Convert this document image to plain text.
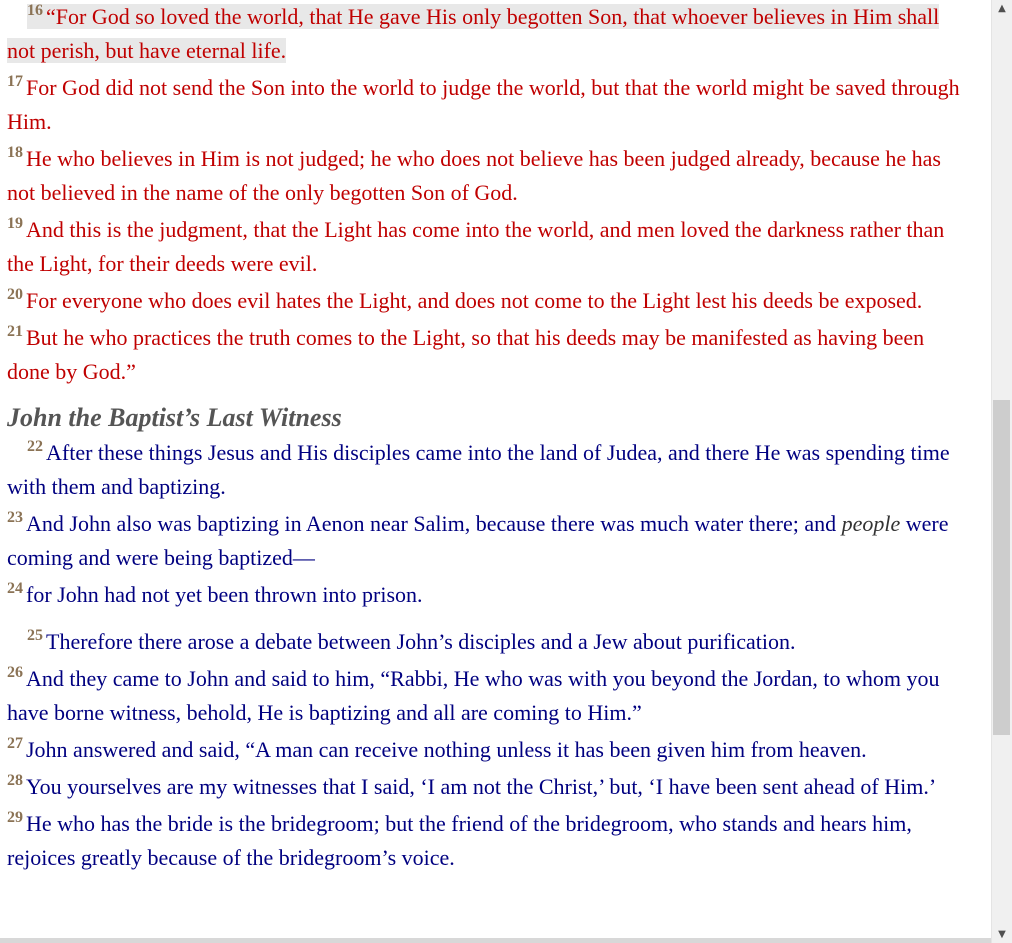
$^{16}$ “For God so loved the world, that He gave His only begotten Son, that whoever believes in Him shall not perish, but have eternal life.

$^{17}$ For God did not send the Son into the world to judge the world, but that the world might be saved through Him.

$^{18}$ He who believes in Him is not judged; he who does not believe has been judged already, because he has not believed in the name of the only begotten Son of God.

$^{19}$ And this is the judgment, that the Light has come into the world, and men loved the darkness rather than the Light, for their deeds were evil.

$^{20}$ For everyone who does evil hates the Light, and does not come to the Light lest his deeds be exposed.

$^{21}$ But he who practices the truth comes to the Light, so that his deeds may be manifested as having been done by God.”

John the Baptist’s Last Witness

$^{22}$ After these things Jesus and His disciples came into the land of Judea, and there He was spending time with them and baptizing.

$^{23}$ And John also was baptizing in Aenon near Salim, because there was much water there; and people were coming and were being baptized—

$^{24}$ for John had not yet been thrown into prison.

$^{25}$ Therefore there arose a debate between John’s disciples and a Jew about purification.

$^{26}$ And they came to John and said to him, “Rabbi, He who was with you beyond the Jordan, to whom you have borne witness, behold, He is baptizing and all are coming to Him.”

$^{27}$ John answered and said, “A man can receive nothing unless it has been given him from heaven.

$^{28}$ You yourselves are my witnesses that I said, ‘I am not the Christ,’ but, ‘I have been sent ahead of Him.’

$^{29}$ He who has the bride is the bridegroom; but the friend of the bridegroom, who stands and hears him, rejoices greatly because of the bridegroom’s voice.

▲
▼
